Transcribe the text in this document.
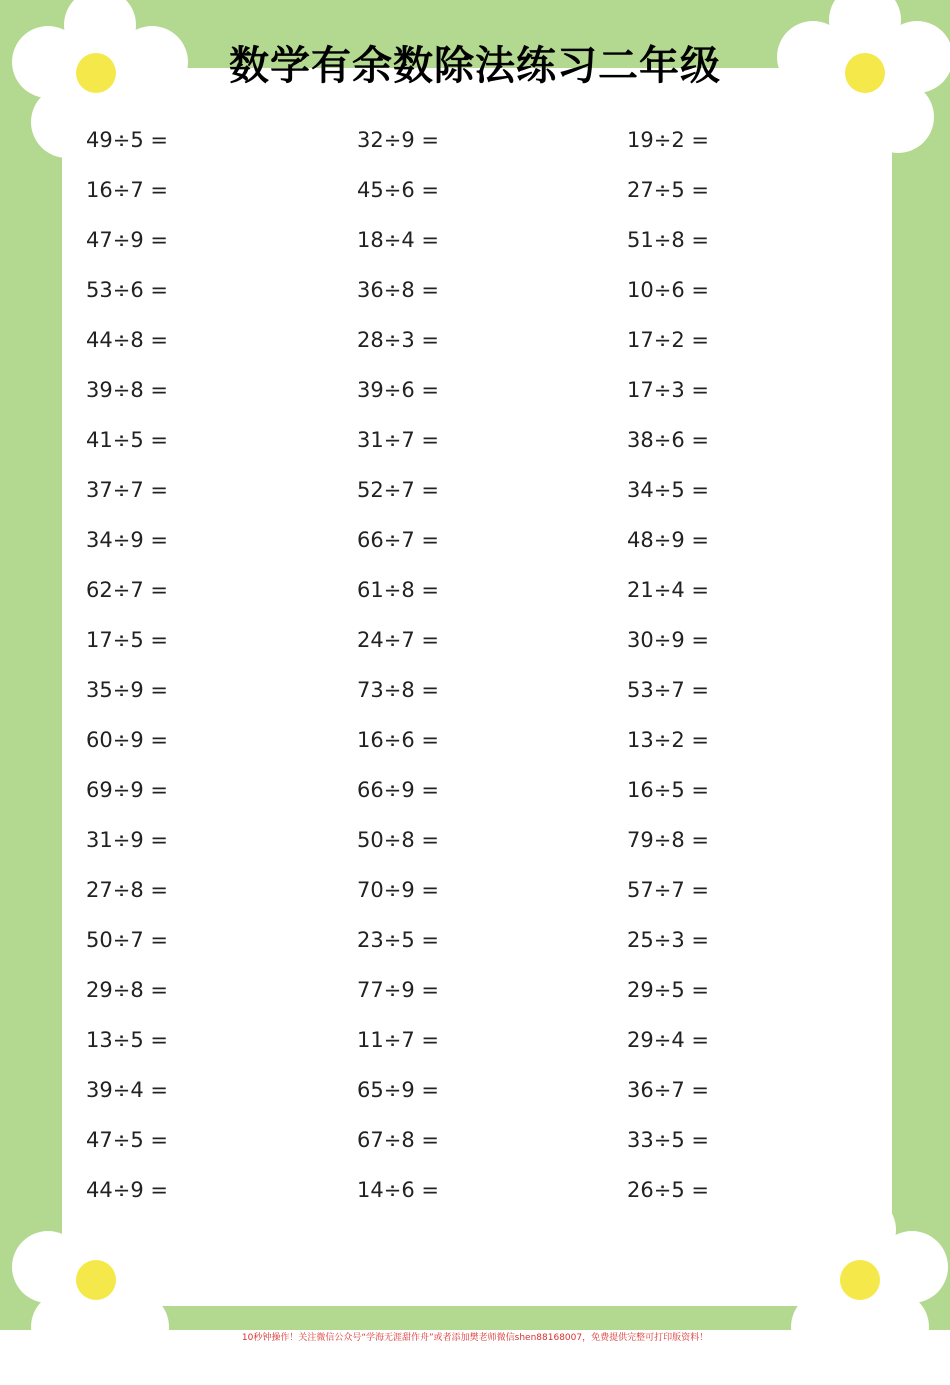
数学有余数除法练习二年级
49÷5 =
16÷7 =
47÷9 =
53÷6 =
44÷8 =
39÷8 =
41÷5 =
37÷7 =
34÷9 =
62÷7 =
17÷5 =
35÷9 =
60÷9 =
69÷9 =
31÷9 =
27÷8 =
50÷7 =
29÷8 =
13÷5 =
39÷4 =
47÷5 =
44÷9 =
32÷9 =
45÷6 =
18÷4 =
36÷8 =
28÷3 =
39÷6 =
31÷7 =
52÷7 =
66÷7 =
61÷8 =
24÷7 =
73÷8 =
16÷6 =
66÷9 =
50÷8 =
70÷9 =
23÷5 =
77÷9 =
11÷7 =
65÷9 =
67÷8 =
14÷6 =
19÷2 =
27÷5 =
51÷8 =
10÷6 =
17÷2 =
17÷3 =
38÷6 =
34÷5 =
48÷9 =
21÷4 =
30÷9 =
53÷7 =
13÷2 =
16÷5 =
79÷8 =
57÷7 =
25÷3 =
29÷5 =
29÷4 =
36÷7 =
33÷5 =
26÷5 =
10秒钟操作！关注微信公众号“学海无涯甜作舟”或者添加樊老师微信shen88168007，免费提供完整可打印版资料！
